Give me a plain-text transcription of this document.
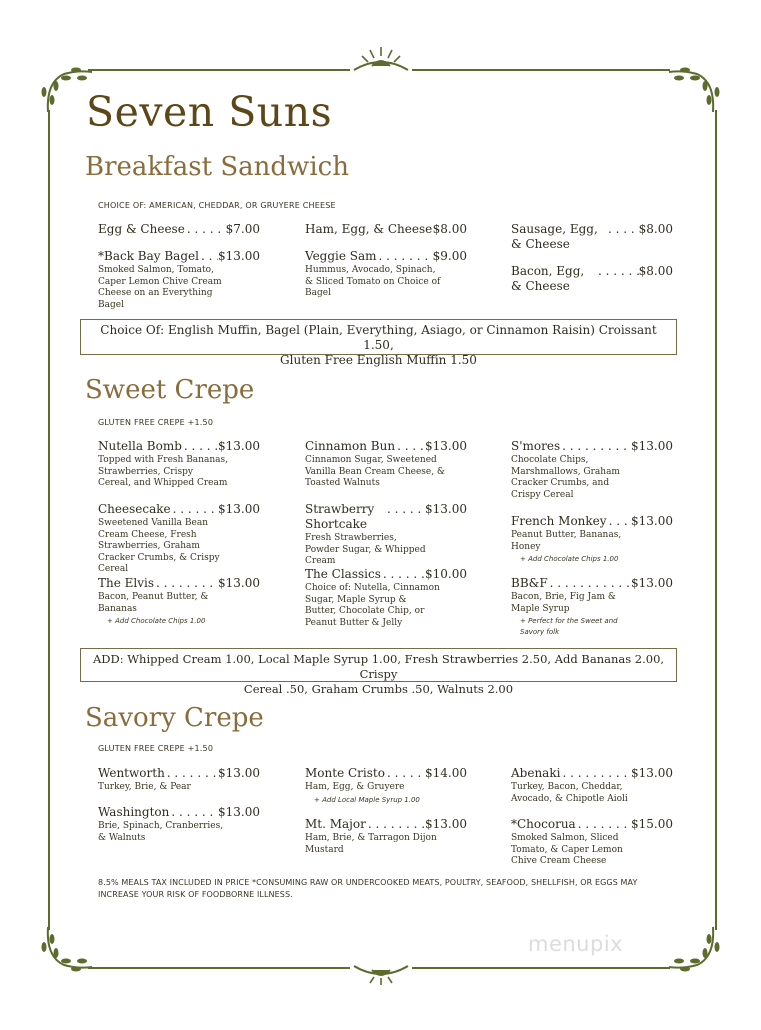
Seven Suns
Breakfast Sandwich
CHOICE OF: AMERICAN, CHEDDAR, OR GRUYERE CHEESE
Egg & Cheese . . .	$7.00
*Back Bay Bagel . . . $13.00
Smoked Salmon, Tomato, Caper Lemon Chive Cream Cheese on an Everything Bagel
Ham, Egg, & Cheese $8.00
Veggie Sam . . .	$9.00
Hummus, Avocado, Spinach, & Sliced Tomato on Choice of Bagel
Sausage, Egg, & Cheese
. . .
$8.00
Bacon, Egg, & Cheese
. . .
$8.00
Choice Of: English Muffin, Bagel (Plain, Everything, Asiago, or Cinnamon Raisin) Croissant 1.50,
Gluten Free English Muffin 1.50
Sweet Crepe
GLUTEN FREE CREPE +1.50
Nutella Bomb . . .	$13.00
Topped with Fresh Bananas, Strawberries, Crispy Cereal, and Whipped Cream
Cheesecake . . .	$13.00
Sweetened Vanilla Bean Cream Cheese, Fresh Strawberries, Graham Cracker Crumbs, & Crispy Cereal
The Elvis . . .	$13.00
Bacon, Peanut Butter, & Bananas
+ Add Chocolate Chips 1.00
Cinnamon Bun . . . $13.00
Cinnamon Sugar, Sweetened Vanilla Bean Cream Cheese, & Toasted Walnuts
Strawberry Shortcake
. . .
$13.00
Fresh Strawberries, Powder Sugar, & Whipped Cream
The Classics . . .	$10.00
Choice of: Nutella, Cinnamon Sugar, Maple Syrup & Butter, Chocolate Chip, or Peanut Butter & Jelly
S'mores . . .	$13.00
Chocolate Chips, Marshmallows, Graham Cracker Crumbs, and Crispy Cereal
French Monkey . . . $13.00
Peanut Butter, Bananas, Honey
+ Add Chocolate Chips 1.00
BB&F . . .	$13.00
Bacon, Brie, Fig Jam & Maple Syrup
+ Perfect for the Sweet and Savory folk
ADD: Whipped Cream 1.00, Local Maple Syrup 1.00, Fresh Strawberries 2.50, Add Bananas 2.00, Crispy
Cereal .50, Graham Crumbs .50, Walnuts 2.00
Savory Crepe
GLUTEN FREE CREPE +1.50
Wentworth . . .	$13.00
Turkey, Brie, & Pear
Washington . . .	$13.00
Brie, Spinach, Cranberries, & Walnuts
Monte Cristo . . .	$14.00
Ham, Egg, & Gruyere
+ Add Local Maple Syrup 1.00
Mt. Major . . .	$13.00
Ham, Brie, & Tarragon Dijon Mustard
Abenaki . . .	$13.00
Turkey, Bacon, Cheddar, Avocado, & Chipotle Aioli
*Chocorua . . .	$15.00
Smoked Salmon, Sliced Tomato, & Caper Lemon Chive Cream Cheese
8.5% MEALS TAX INCLUDED IN PRICE *CONSUMING RAW OR UNDERCOOKED MEATS, POULTRY, SEAFOOD, SHELLFISH, OR EGGS MAY INCREASE YOUR RISK OF FOODBORNE ILLNESS.
menupix
